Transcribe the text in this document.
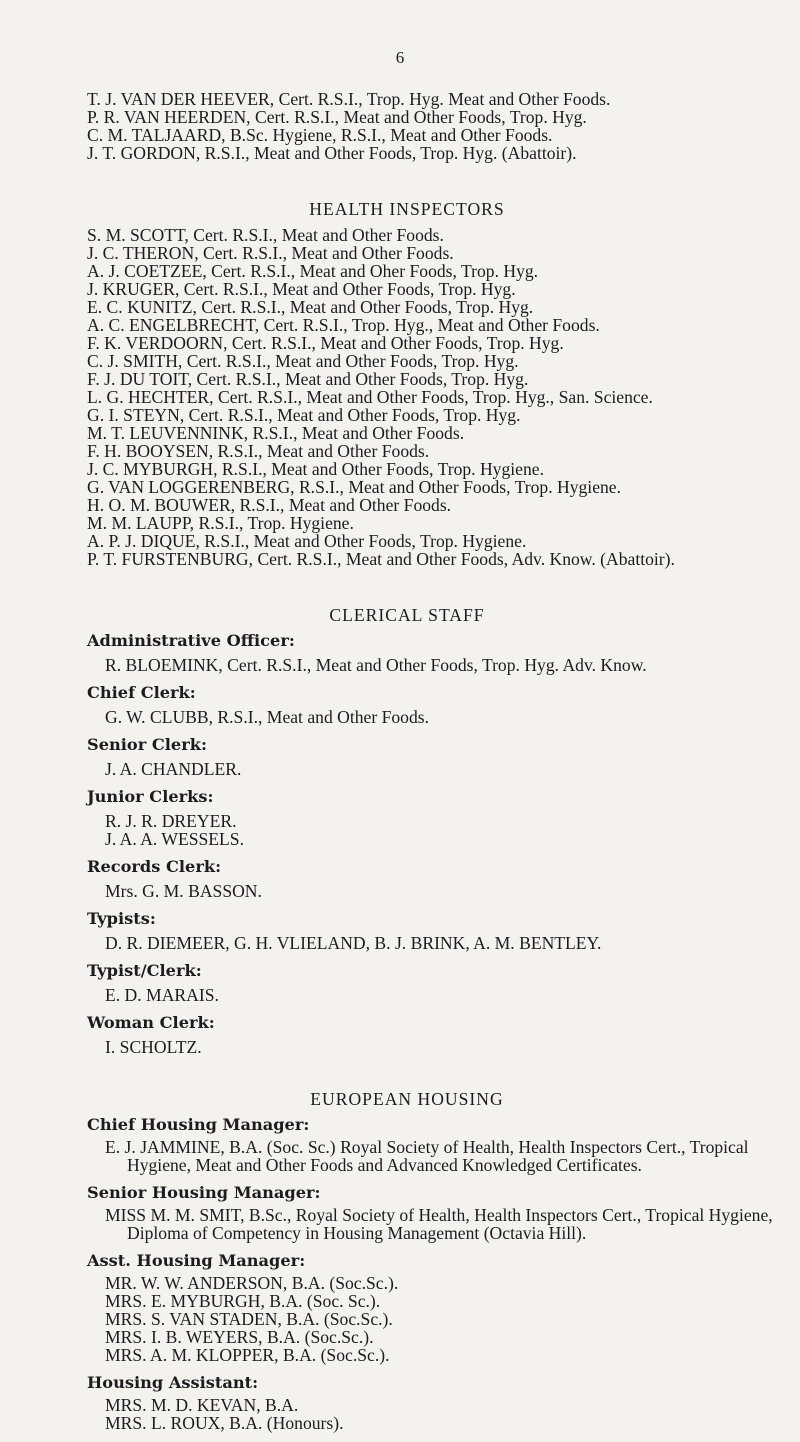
6
T. J. VAN DER HEEVER, Cert. R.S.I., Trop. Hyg. Meat and Other Foods.
P. R. VAN HEERDEN, Cert. R.S.I., Meat and Other Foods, Trop. Hyg.
C. M. TALJAARD, B.Sc. Hygiene, R.S.I., Meat and Other Foods.
J. T. GORDON, R.S.I., Meat and Other Foods, Trop. Hyg. (Abattoir).
HEALTH INSPECTORS
S. M. SCOTT, Cert. R.S.I., Meat and Other Foods.
J. C. THERON, Cert. R.S.I., Meat and Other Foods.
A. J. COETZEE, Cert. R.S.I., Meat and Oher Foods, Trop. Hyg.
J. KRUGER, Cert. R.S.I., Meat and Other Foods, Trop. Hyg.
E. C. KUNITZ, Cert. R.S.I., Meat and Other Foods, Trop. Hyg.
A. C. ENGELBRECHT, Cert. R.S.I., Trop. Hyg., Meat and Other Foods.
F. K. VERDOORN, Cert. R.S.I., Meat and Other Foods, Trop. Hyg.
C. J. SMITH, Cert. R.S.I., Meat and Other Foods, Trop. Hyg.
F. J. DU TOIT, Cert. R.S.I., Meat and Other Foods, Trop. Hyg.
L. G. HECHTER, Cert. R.S.I., Meat and Other Foods, Trop. Hyg., San. Science.
G. I. STEYN, Cert. R.S.I., Meat and Other Foods, Trop. Hyg.
M. T. LEUVENNINK, R.S.I., Meat and Other Foods.
F. H. BOOYSEN, R.S.I., Meat and Other Foods.
J. C. MYBURGH, R.S.I., Meat and Other Foods, Trop. Hygiene.
G. VAN LOGGERENBERG, R.S.I., Meat and Other Foods, Trop. Hygiene.
H. O. M. BOUWER, R.S.I., Meat and Other Foods.
M. M. LAUPP, R.S.I., Trop. Hygiene.
A. P. J. DIQUE, R.S.I., Meat and Other Foods, Trop. Hygiene.
P. T. FURSTENBURG, Cert. R.S.I., Meat and Other Foods, Adv. Know. (Abattoir).
CLERICAL STAFF
Administrative Officer:
R. BLOEMINK, Cert. R.S.I., Meat and Other Foods, Trop. Hyg. Adv. Know.
Chief Clerk:
G. W. CLUBB, R.S.I., Meat and Other Foods.
Senior Clerk:
J. A. CHANDLER.
Junior Clerks:
R. J. R. DREYER.
J. A. A. WESSELS.
Records Clerk:
Mrs. G. M. BASSON.
Typists:
D. R. DIEMEER, G. H. VLIELAND, B. J. BRINK, A. M. BENTLEY.
Typist/Clerk:
E. D. MARAIS.
Woman Clerk:
I. SCHOLTZ.
EUROPEAN HOUSING
Chief Housing Manager:
E. J. JAMMINE, B.A. (Soc. Sc.) Royal Society of Health, Health Inspectors Cert., Tropical Hygiene, Meat and Other Foods and Advanced Knowledged Certificates.
Senior Housing Manager:
MISS M. M. SMIT, B.Sc., Royal Society of Health, Health Inspectors Cert., Tropical Hygiene, Diploma of Competency in Housing Management (Octavia Hill).
Asst. Housing Manager:
MR. W. W. ANDERSON, B.A. (Soc.Sc.).
MRS. E. MYBURGH, B.A. (Soc. Sc.).
MRS. S. VAN STADEN, B.A. (Soc.Sc.).
MRS. I. B. WEYERS, B.A. (Soc.Sc.).
MRS. A. M. KLOPPER, B.A. (Soc.Sc.).
Housing Assistant:
MRS. M. D. KEVAN, B.A.
MRS. L. ROUX, B.A. (Honours).
